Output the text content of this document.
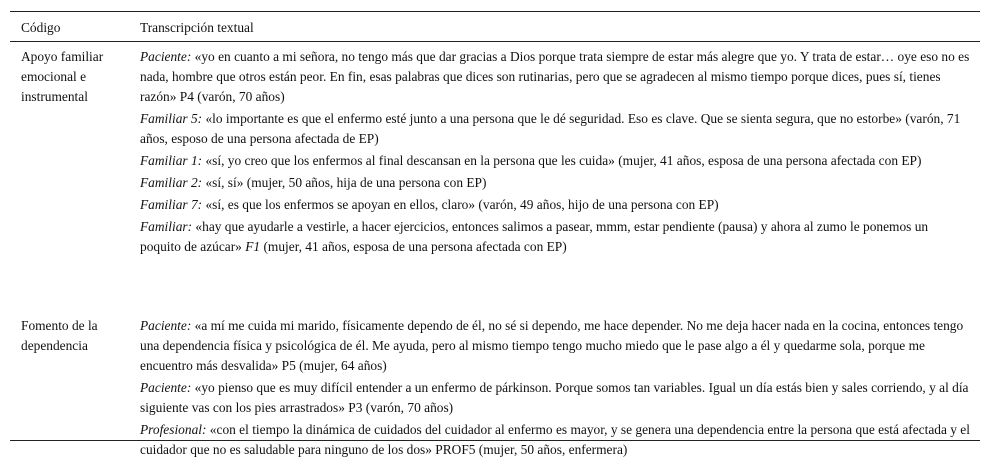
Código	Transcripción textual
Apoyo familiar emocional e instrumental
Paciente: «yo en cuanto a mi señora, no tengo más que dar gracias a Dios porque trata siempre de estar más alegre que yo. Y trata de estar… oye eso no es nada, hombre que otros están peor. En fin, esas palabras que dices son rutinarias, pero que se agradecen al mismo tiempo porque dices, pues sí, tienes razón» P4 (varón, 70 años)
Familiar 5: «lo importante es que el enfermo esté junto a una persona que le dé seguridad. Eso es clave. Que se sienta segura, que no estorbe» (varón, 71 años, esposo de una persona afectada de EP)
Familiar 1: «sí, yo creo que los enfermos al final descansan en la persona que les cuida» (mujer, 41 años, esposa de una persona afectada con EP)
Familiar 2: «sí, sí» (mujer, 50 años, hija de una persona con EP)
Familiar 7: «sí, es que los enfermos se apoyan en ellos, claro» (varón, 49 años, hijo de una persona con EP)
Familiar: «hay que ayudarle a vestirle, a hacer ejercicios, entonces salimos a pasear, mmm, estar pendiente (pausa) y ahora al zumo le ponemos un poquito de azúcar» F1 (mujer, 41 años, esposa de una persona afectada con EP)
Fomento de la dependencia
Paciente: «a mí me cuida mi marido, físicamente dependo de él, no sé si dependo, me hace depender. No me deja hacer nada en la cocina, entonces tengo una dependencia física y psicológica de él. Me ayuda, pero al mismo tiempo tengo mucho miedo que le pase algo a él y quedarme sola, porque me encuentro más desvalida» P5 (mujer, 64 años)
Paciente: «yo pienso que es muy difícil entender a un enfermo de párkinson. Porque somos tan variables. Igual un día estás bien y sales corriendo, y al día siguiente vas con los pies arrastrados» P3 (varón, 70 años)
Profesional: «con el tiempo la dinámica de cuidados del cuidador al enfermo es mayor, y se genera una dependencia entre la persona que está afectada y el cuidador que no es saludable para ninguno de los dos» PROF5 (mujer, 50 años, enfermera)
